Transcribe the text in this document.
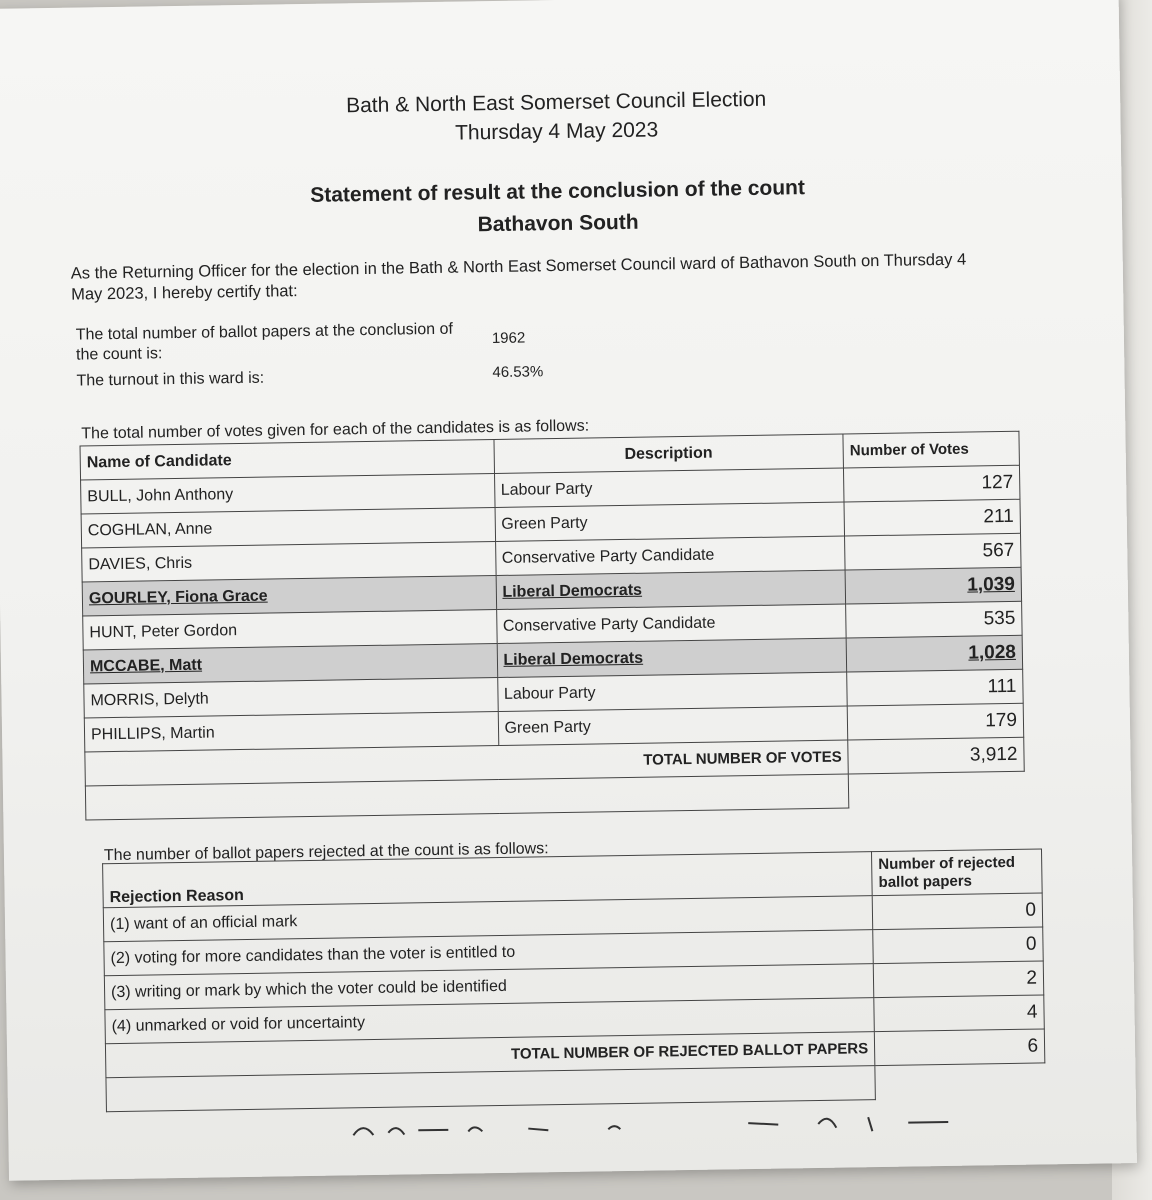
Bath & North East Somerset Council Election
Thursday 4 May 2023
Statement of result at the conclusion of the count
Bathavon South
As the Returning Officer for the election in the Bath & North East Somerset Council ward of Bathavon South on Thursday 4 May 2023, I hereby certify that:
The total number of ballot papers at the conclusion of the count is:
1962
The turnout in this ward is:	46.53%
The total number of votes given for each of the candidates is as follows:
Name of Candidate	Description	Number of Votes
BULL, John Anthony	Labour Party	127
COGHLAN, Anne	Green Party	211
DAVIES, Chris	Conservative Party Candidate	567
GOURLEY, Fiona Grace	Liberal Democrats	1,039
HUNT, Peter Gordon	Conservative Party Candidate	535
MCCABE, Matt	Liberal Democrats	1,028
MORRIS, Delyth	Labour Party	111
PHILLIPS, Martin	Green Party	179
	TOTAL NUMBER OF VOTES	3,912

The number of ballot papers rejected at the count is as follows:
Rejection Reason	Number of rejected ballot papers
(1) want of an official mark	0
(2) voting for more candidates than the voter is entitled to	0
(3) writing or mark by which the voter could be identified	2
(4) unmarked or void for uncertainty	4
TOTAL NUMBER OF REJECTED BALLOT PAPERS	6
